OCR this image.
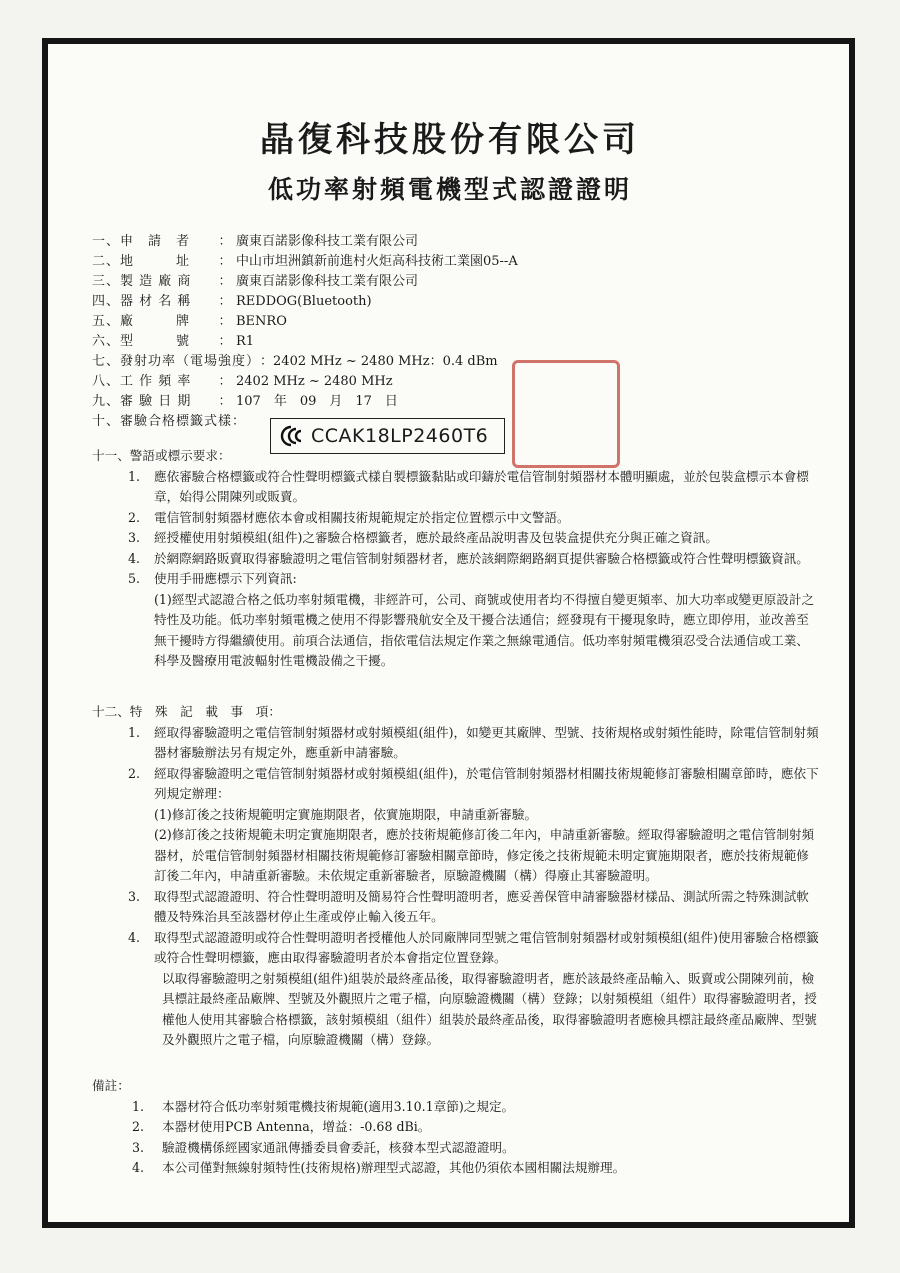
晶復科技股份有限公司
低功率射頻電機型式認證證明
一、申　請　者 ： 廣東百諾影像科技工業有限公司
二、地　　　址 ： 中山市坦洲鎮新前進村火炬高科技術工業園05--A
三、製 造 廠 商 ： 廣東百諾影像科技工業有限公司
四、器 材 名 稱 ： REDDOG(Bluetooth)
五、廠　　　牌 ： BENRO
六、型　　　號 ： R1
七、發射功率（電場強度）：2402 MHz ~ 2480 MHz：0.4 dBm
八、工 作 頻 率 ： 2402 MHz ~ 2480 MHz
九、審 驗 日 期 ： 107　年　09　月　17　日
十、審驗合格標籤式樣：
CCAK18LP2460T6
十一、警語或標示要求：
1. 應依審驗合格標籤或符合性聲明標籤式樣自製標籤黏貼或印鑄於電信管制射頻器材本體明顯處，並於包裝盒標示本會標章，始得公開陳列或販賣。
2. 電信管制射頻器材應依本會或相關技術規範規定於指定位置標示中文警語。
3. 經授權使用射頻模組(組件)之審驗合格標籤者，應於最終產品說明書及包裝盒提供充分與正確之資訊。
4. 於網際網路販賣取得審驗證明之電信管制射頻器材者，應於該網際網路網頁提供審驗合格標籤或符合性聲明標籤資訊。
5. 使用手冊應標示下列資訊:
(1)經型式認證合格之低功率射頻電機，非經許可，公司、商號或使用者均不得擅自變更頻率、加大功率或變更原設計之特性及功能。低功率射頻電機之使用不得影響飛航安全及干擾合法通信；經發現有干擾現象時，應立即停用，並改善至無干擾時方得繼續使用。前項合法通信，指依電信法規定作業之無線電通信。低功率射頻電機須忍受合法通信或工業、科學及醫療用電波輻射性電機設備之干擾。
十二、特　殊　記　載　事　項：
1. 經取得審驗證明之電信管制射頻器材或射頻模組(組件)，如變更其廠牌、型號、技術規格或射頻性能時，除電信管制射頻器材審驗辦法另有規定外，應重新申請審驗。
2. 經取得審驗證明之電信管制射頻器材或射頻模組(組件)，於電信管制射頻器材相關技術規範修訂審驗相關章節時，應依下列規定辦理：
(1)修訂後之技術規範明定實施期限者，依實施期限，申請重新審驗。
(2)修訂後之技術規範未明定實施期限者，應於技術規範修訂後二年內，申請重新審驗。經取得審驗證明之電信管制射頻器材，於電信管制射頻器材相關技術規範修訂審驗相關章節時，修定後之技術規範未明定實施期限者，應於技術規範修訂後二年內，申請重新審驗。未依規定重新審驗者，原驗證機關（構）得廢止其審驗證明。
3. 取得型式認證證明、符合性聲明證明及簡易符合性聲明證明者，應妥善保管申請審驗器材樣品、測試所需之特殊測試軟體及特殊治具至該器材停止生產或停止輸入後五年。
4. 取得型式認證證明或符合性聲明證明者授權他人於同廠牌同型號之電信管制射頻器材或射頻模組(組件)使用審驗合格標籤或符合性聲明標籤，應由取得審驗證明者於本會指定位置登錄。
以取得審驗證明之射頻模組(組件)組裝於最終產品後，取得審驗證明者，應於該最終產品輸入、販賣或公開陳列前，檢具標註最終產品廠牌、型號及外觀照片之電子檔，向原驗證機關（構）登錄；以射頻模組（組件）取得審驗證明者，授權他人使用其審驗合格標籤，該射頻模組（組件）組裝於最終產品後，取得審驗證明者應檢具標註最終產品廠牌、型號及外觀照片之電子檔，向原驗證機關（構）登錄。
備註：
1. 本器材符合低功率射頻電機技術規範(適用3.10.1章節)之規定。
2. 本器材使用PCB Antenna，增益：-0.68 dBi。
3. 驗證機構係經國家通訊傳播委員會委託，核發本型式認證證明。
4. 本公司僅對無線射頻特性(技術規格)辦理型式認證，其他仍須依本國相關法規辦理。
